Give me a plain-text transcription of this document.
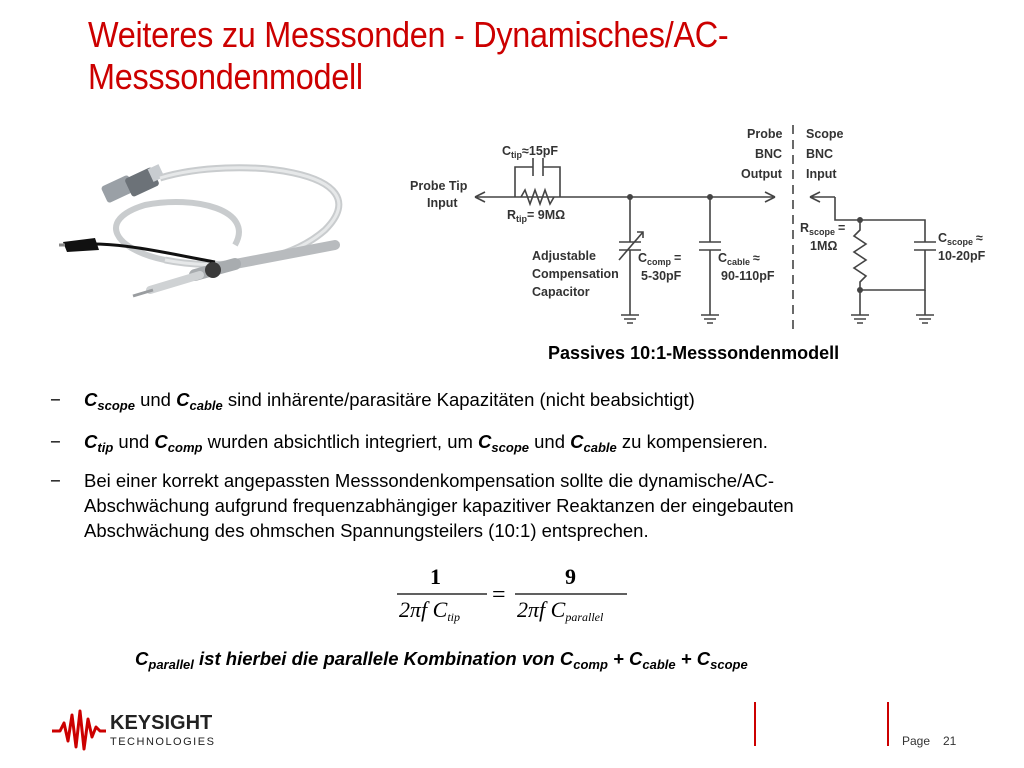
Weiteres zu Messsonden - Dynamisches/AC-Messsondenmodell
Probe Tip
Input
$C_{tip}\approx 15pF$
$R_{tip}= 9M\Omega$
Adjustable
Compensation
Capacitor
$C_{comp}$ =
5-30pF
$C_{cable}$ ≈
90-110pF
Probe
BNC
Output
Scope
BNC
Input
$R_{scope}$ =
1MΩ
$C_{scope}$ ≈
10-20pF
Passives 10:1-Messsondenmodell
− $C_{scope}$ und $C_{cable}$ sind inhärente/parasitäre Kapazitäten (nicht beabsichtigt)
− $C_{tip}$ und $C_{comp}$ wurden absichtlich integriert, um $C_{scope}$ und $C_{cable}$ zu kompensieren.
− Bei einer korrekt angepassten Messsondenkompensation sollte die dynamische/AC-
Abschwächung aufgrund frequenzabhängiger kapazitiver Reaktanzen der eingebauten
Abschwächung des ohmschen Spannungsteilers (10:1) entsprechen.
1
2πf Ctip
=
9
2πf Cparallel
$C_{parallel}$ ist hierbei die parallele Kombination von $C_{comp} + C_{cable} + C_{scope}$
KEYSIGHT
TECHNOLOGIES	Page 21
